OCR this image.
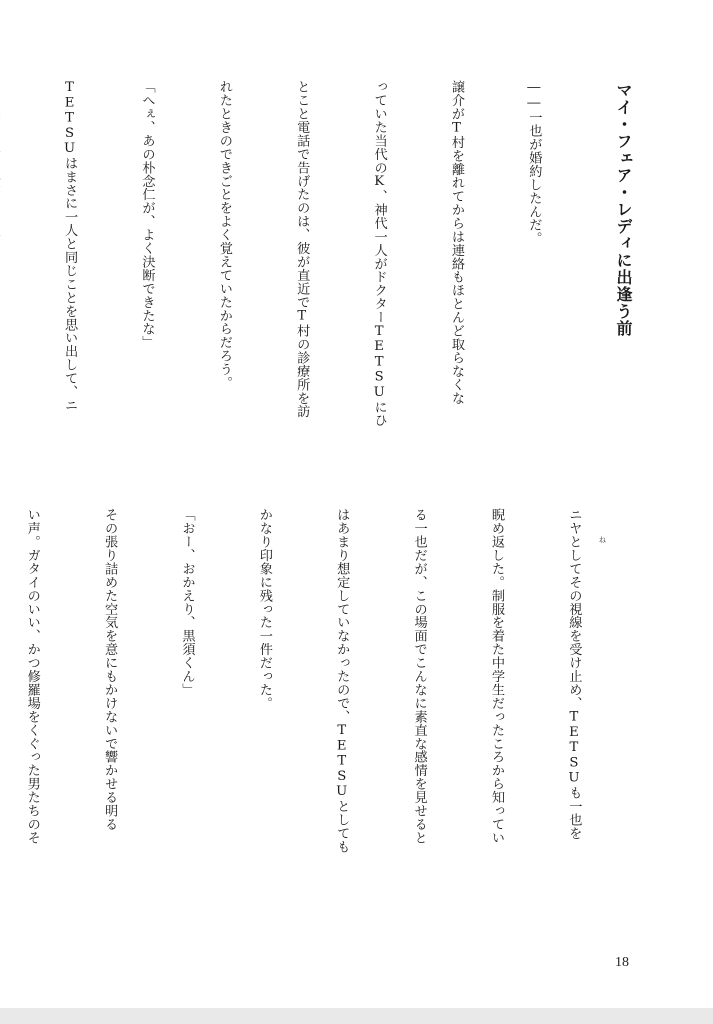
マイ・フェア・レディに出逢う前

――一也が婚約したんだ。

譲介がT村を離れてからは連絡もほとんど取らなくな

っていた当代のK、神代一人がドクターTETSUにひ

とこと電話で告げたのは、彼が直近でT村の診療所を訪

れたときのできごとをよく覚えていたからだろう。

「へぇ、あの朴念仁が、よく決断できたな」

TETSUはまさに一人と同じことを思い出して、ニ

ニヤとしてその視線を受け止め、TETSUも一也を

睨め返した。制服を着た中学生だったころから知ってい

る一也だが、この場面でこんなに素直な感情を見せると

はあまり想定していなかったので、TETSUとしても

かなり印象に残った一件だった。

「おー、おかえり、黒須くん」

その張り詰めた空気を意にもかけないで響かせる明る

い声。ガタイのいい、かつ修羅場をくぐった男たちのそ

	ね
18
